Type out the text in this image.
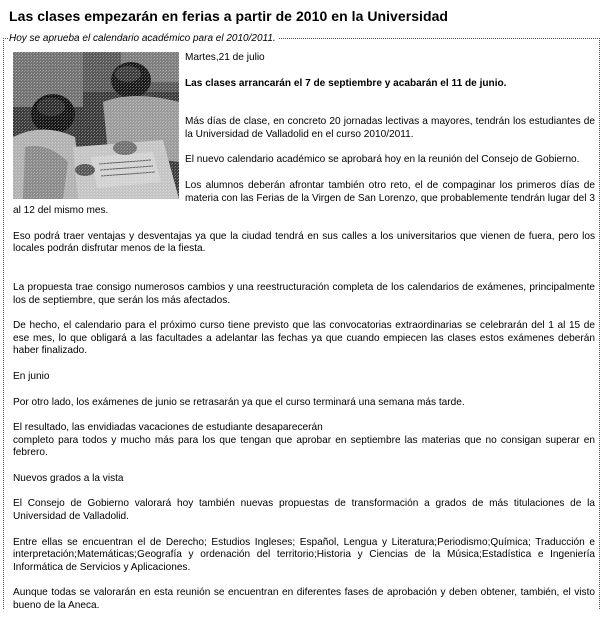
Las clases empezarán en ferias a partir de 2010 en la Universidad
Hoy se aprueba el calendario académico para el 2010/2011.

Martes,21 de julio

Las clases arrancarán el 7 de septiembre y acabarán el 11 de junio.

Más días de clase, en concreto 20 jornadas lectivas a mayores, tendrán los estudiantes de la Universidad de Valladolid en el curso 2010/2011.

El nuevo calendario académico se aprobará hoy en la reunión del Consejo de Gobierno.

Los alumnos deberán afrontar también otro reto, el de compaginar los primeros días de materia con las Ferias de la Virgen de San Lorenzo, que probablemente tendrán lugar del 3 al 12 del mismo mes.

Eso podrá traer ventajas y desventajas ya que la ciudad tendrá en sus calles a los universitarios que vienen de fuera, pero los locales podrán disfrutar menos de la fiesta.

La propuesta trae consigo numerosos cambios y una reestructuración completa de los calendarios de exámenes, principalmente los de septiembre, que serán los más afectados.

De hecho, el calendario para el próximo curso tiene previsto que las convocatorias extraordinarias se celebrarán del 1 al 15 de ese mes, lo que obligará a las facultades a adelantar las fechas ya que cuando empiecen las clases estos exámenes deberán haber finalizado.

En junio

Por otro lado, los exámenes de junio se retrasarán ya que el curso terminará una semana más tarde.

El resultado, las envidiadas vacaciones de estudiante desaparecerán
completo para todos y mucho más para los que tengan que aprobar en septiembre las materias que no consigan superar en febrero.

Nuevos grados a la vista

El Consejo de Gobierno valorará hoy también nuevas propuestas de transformación a grados de más titulaciones de la Universidad de Valladolid.

Entre ellas se encuentran el de Derecho; Estudios Ingleses; Español, Lengua y Literatura;Periodismo;Química; Traducción e interpretación;Matemáticas;Geografía y ordenación del territorio;Historia y Ciencias de la Música;Estadística e Ingeniería Informática de Servicios y Aplicaciones.

Aunque todas se valorarán en esta reunión se encuentran en diferentes fases de aprobación y deben obtener, también, el visto bueno de la Aneca.
